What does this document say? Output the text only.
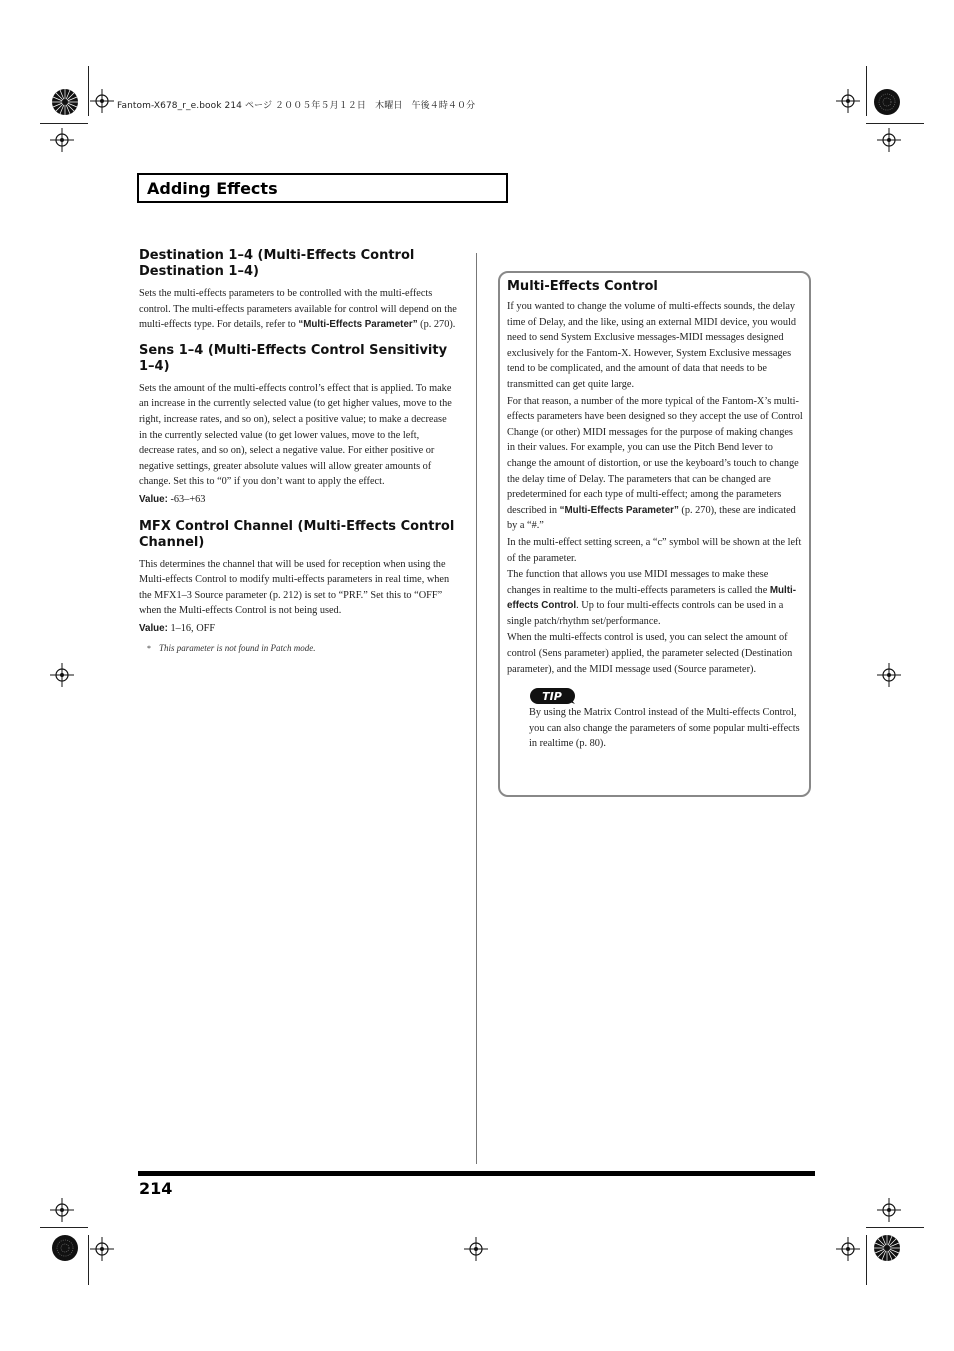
Fantom-X678_r_e.book 214 ページ ２００５年５月１２日　木曜日　午後４時４０分
Adding Effects
Destination 1–4 (Multi-Effects Control Destination 1–4)

Sets the multi-effects parameters to be controlled with the multi-effects control. The multi-effects parameters available for control will depend on the multi-effects type. For details, refer to “Multi-Effects Parameter” (p. 270).

Sens 1–4 (Multi-Effects Control Sensitivity 1–4)

Sets the amount of the multi-effects control’s effect that is applied. To make an increase in the currently selected value (to get higher values, move to the right, increase rates, and so on), select a positive value; to make a decrease in the currently selected value (to get lower values, move to the left, decrease rates, and so on), select a negative value. For either positive or negative settings, greater absolute values will allow greater amounts of change. Set this to “0” if you don’t want to apply the effect.

Value: -63–+63

MFX Control Channel (Multi-Effects Control Channel)

This determines the channel that will be used for reception when using the Multi-effects Control to modify multi-effects parameters in real time, when the MFX1–3 Source parameter (p. 212) is set to “PRF.” Set this to “OFF” when the Multi-effects Control is not being used.

Value: 1–16, OFF

* This parameter is not found in Patch mode.

Multi-Effects Control

If you wanted to change the volume of multi-effects sounds, the delay time of Delay, and the like, using an external MIDI device, you would need to send System Exclusive messages-MIDI messages designed exclusively for the Fantom-X. However, System Exclusive messages tend to be complicated, and the amount of data that needs to be transmitted can get quite large.

For that reason, a number of the more typical of the Fantom-X’s multi-effects parameters have been designed so they accept the use of Control Change (or other) MIDI messages for the purpose of making changes in their values. For example, you can use the Pitch Bend lever to change the amount of distortion, or use the keyboard’s touch to change the delay time of Delay. The parameters that can be changed are predetermined for each type of multi-effect; among the parameters described in “Multi-Effects Parameter” (p. 270), these are indicated by a “#.”

In the multi-effect setting screen, a “c” symbol will be shown at the left of the parameter.

The function that allows you use MIDI messages to make these changes in realtime to the multi-effects parameters is called the Multi-effects Control. Up to four multi-effects controls can be used in a single patch/rhythm set/performance.

When the multi-effects control is used, you can select the amount of control (Sens parameter) applied, the parameter selected (Destination parameter), and the MIDI message used (Source parameter).

TIP

By using the Matrix Control instead of the Multi-effects Control, you can also change the parameters of some popular multi-effects in realtime (p. 80).

214
